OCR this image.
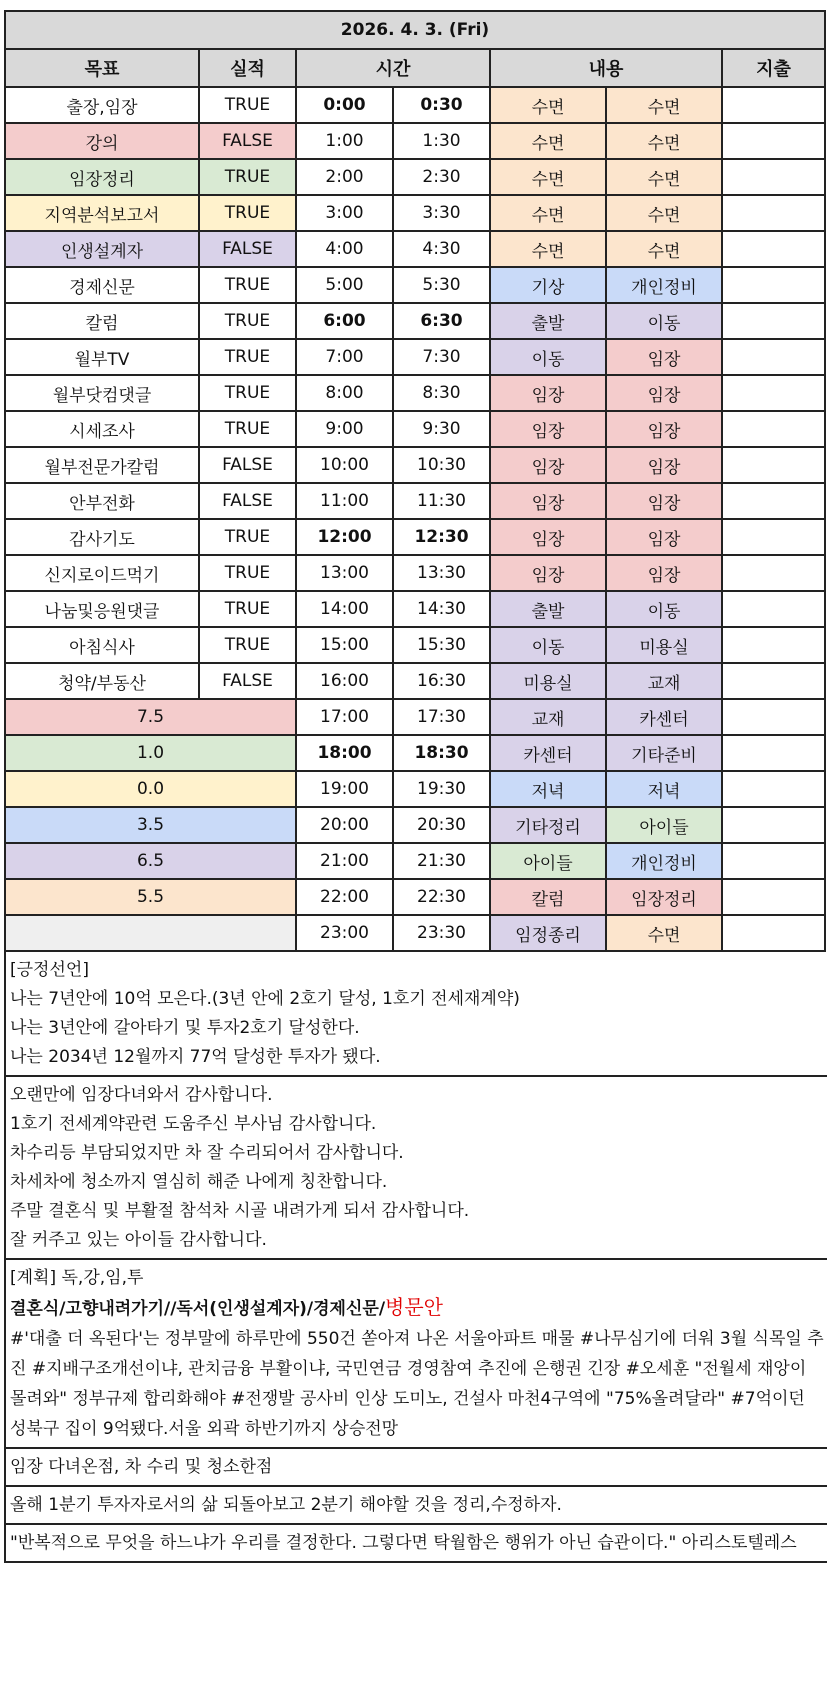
2026. 4. 3. (Fri)						
목표	실적	시간		내용		지출
출장,임장	TRUE	0:00	0:30	수면	수면	
강의	FALSE	1:00	1:30	수면	수면	
임장정리	TRUE	2:00	2:30	수면	수면	
지역분석보고서	TRUE	3:00	3:30	수면	수면	
인생설계자	FALSE	4:00	4:30	수면	수면	
경제신문	TRUE	5:00	5:30	기상	개인정비	
칼럼	TRUE	6:00	6:30	출발	이동	
월부TV	TRUE	7:00	7:30	이동	임장	
월부닷컴댓글	TRUE	8:00	8:30	임장	임장	
시세조사	TRUE	9:00	9:30	임장	임장	
월부전문가칼럼	FALSE	10:00	10:30	임장	임장	
안부전화	FALSE	11:00	11:30	임장	임장	
감사기도	TRUE	12:00	12:30	임장	임장	
신지로이드먹기	TRUE	13:00	13:30	임장	임장	
나눔및응원댓글	TRUE	14:00	14:30	출발	이동	
아침식사	TRUE	15:00	15:30	이동	미용실	
청약/부동산	FALSE	16:00	16:30	미용실	교재	
7.5		17:00	17:30	교재	카센터	
1.0		18:00	18:30	카센터	기타준비	
0.0		19:00	19:30	저녁	저녁	
3.5		20:00	20:30	기타정리	아이들	
6.5		21:00	21:30	아이들	개인정비	
5.5		22:00	22:30	칼럼	임장정리	
		23:00	23:30	임정종리	수면	
[긍정선언]
나는 7년안에 10억 모은다.(3년 안에 2호기 달성, 1호기 전세재계약)
나는 3년안에 갈아타기 및 투자2호기 달성한다.
나는 2034년 12월까지 77억 달성한 투자가 됐다.
오랜만에 임장다녀와서 감사합니다.
1호기 전세계약관련 도움주신 부사님 감사합니다.
차수리등 부담되었지만 차 잘 수리되어서 감사합니다.
차세차에 청소까지 열심히 해준 나에게 칭찬합니다.
주말 결혼식 및 부활절 참석차 시골 내려가게 되서 감사합니다.
잘 커주고 있는 아이들 감사합니다.
[계획] 독,강,임,투
결혼식/고향내려가기//독서(인생설계자)/경제신문/병문안
#'대출 더 옥된다'는 정부말에 하루만에 550건 쏟아져 나온 서울아파트 매물 #나무심기에 더워 3월 식목일 추진 #지배구조개선이냐, 관치금융 부활이냐, 국민연금 경영참여 추진에 은행권 긴장 #오세훈 "전월세 재앙이 몰려와" 정부규제 합리화해야 #전쟁발 공사비 인상 도미노, 건설사 마천4구역에 "75%올려달라" #7억이던 성북구 집이 9억됐다.서울 외곽 하반기까지 상승전망
임장 다녀온점, 차 수리 및 청소한점
올해 1분기 투자자로서의 삶 되돌아보고 2분기 해야할 것을 정리,수정하자.
"반복적으로 무엇을 하느냐가 우리를 결정한다. 그렇다면 탁월함은 행위가 아닌 습관이다." 아리스토텔레스
